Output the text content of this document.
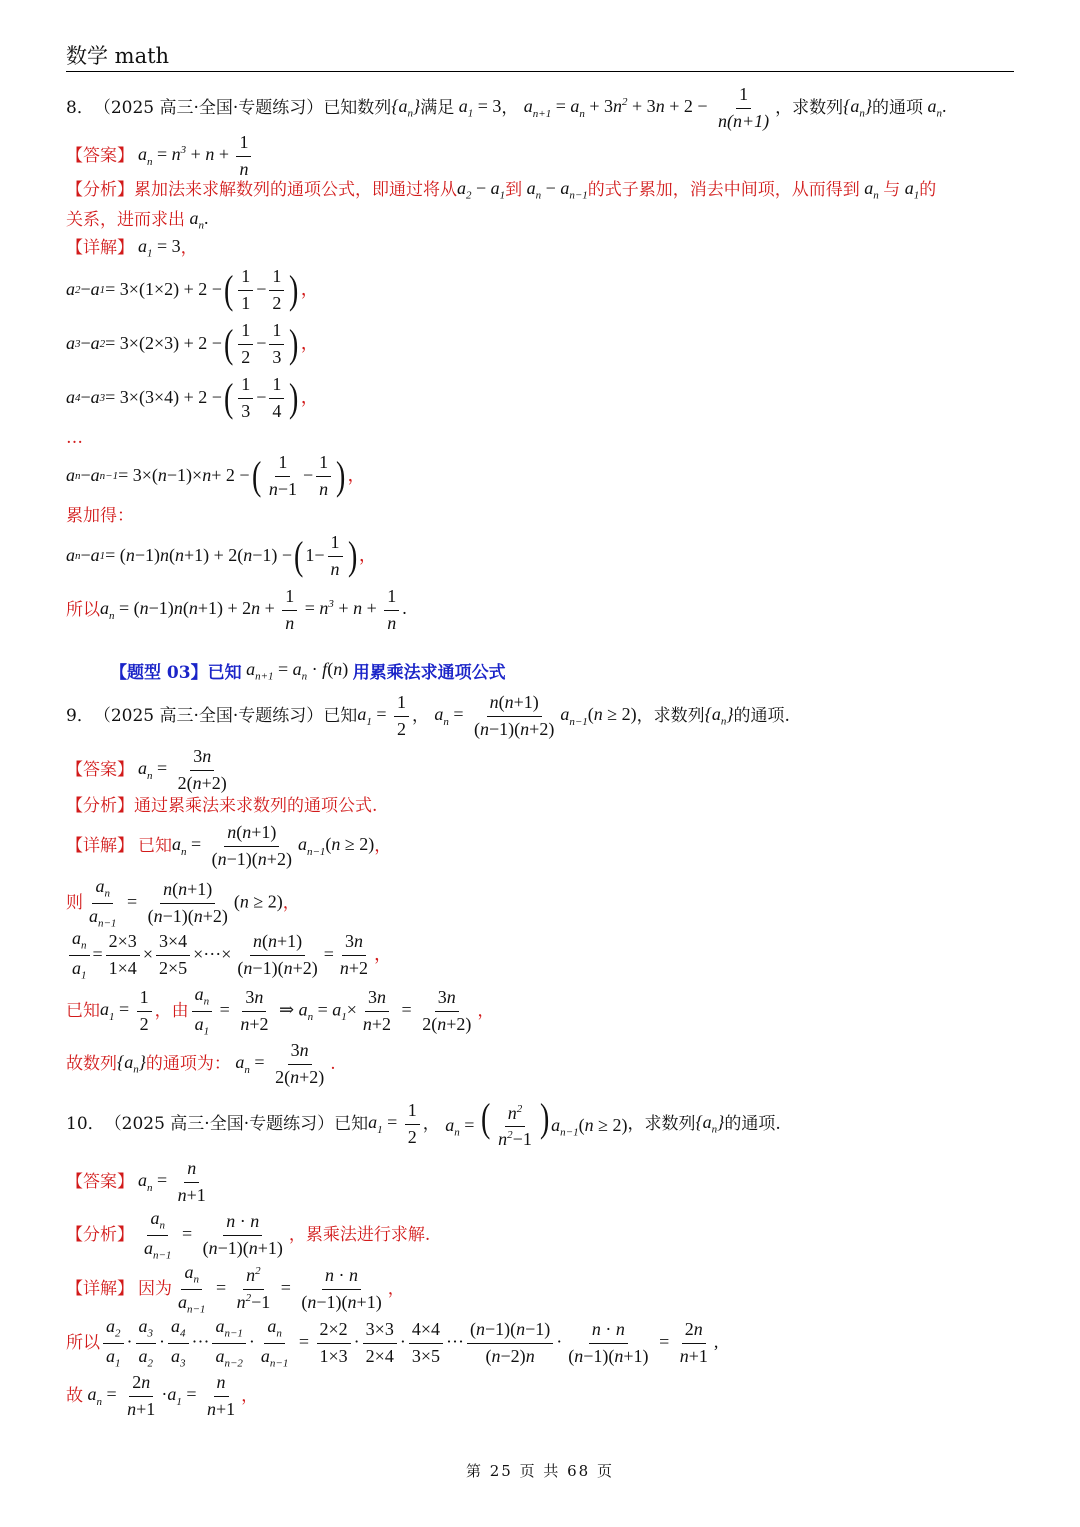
数学 math
8． （2025 高三·全国·专题练习） 已知数列 $\{a_n\}$ 满足 $a_1 = 3$ ， $a_{n+1} = a_n + 3n^2 + 3n + 2 - \frac{1}{n(n+1)}$ ，求数列 $\{a_n\}$ 的通项 $a_n$.
【答案】 $a_n = n^3 + n + \frac{1}{n}$
【分析】 累加法来求解数列的通项公式，即通过将从 $a_2 - a_1$ 到 $a_n - a_{n-1}$ 的式子累加，消去中间项，从而得到 $a_n$ 与 $a_1$ 的
关系，进而求出 $a_n$.
【详解】 $a_1 = 3$ ，
a 2 − a 1 = 3×(1×2) + 2 − ( $\frac{1}{1} - \frac{1}{2}$ ) ，
a 3 − a 2 = 3×(2×3) + 2 − ( $\frac{1}{2} - \frac{1}{3}$ ) ，
a 4 − a 3 = 3×(3×4) + 2 − ( $\frac{1}{3} - \frac{1}{4}$ ) ，
…
a n − a n−1 = 3×( n −1)× n + 2 − ( $\frac{1}{n-1} - \frac{1}{n}$ ) ，
累加得：
a n − a 1 = ( n −1) n ( n +1) + 2( n −1) − ( $1- \frac{1}{n}$ ) ，
所以 $a_n = (n-1)n(n+1) + 2n + \frac{1}{n} = n^3 + n + \frac{1}{n}$ .
【题型 03】已知 $a_{n+1} = a_n \cdot f(n)$ 用累乘法求通项公式
9． （2025 高三·全国·专题练习） 已知 $a_1 = \frac{1}{2}$ ， $a_n = \frac{n(n+1)}{(n-1)(n+2)} a_{n-1}(n \ge 2)$ ，求数列 $\{a_n\}$ 的通项.
【答案】 $a_n = \frac{3n}{2(n+2)}$
【分析】 通过累乘法来求数列的通项公式.
【详解】 已知 $a_n = \frac{n(n+1)}{(n-1)(n+2)} a_{n-1}(n \ge 2)$ ，
则 $\frac{a_n}{a_{n-1}} = \frac{n(n+1)}{(n-1)(n+2)} (n \ge 2)$ ，
$\frac{a_n}{a_1} = \frac{2\times 3}{1\times 4} \times \frac{3\times 4}{2\times 5}$ ×···× $\frac{n(n+1)}{(n-1)(n+2)} = \frac{3n}{n+2}$ ，
已知 $a_1 = \frac{1}{2}$ ，由 $\frac{a_n}{a_1} = \frac{3n}{n+2}$ ⇒ $a_n = a_1\times \frac{3n}{n+2} = \frac{3n}{2(n+2)}$ ，
故数列 $\{a_n\}$ 的通项为： $a_n = \frac{3n}{2(n+2)}$ .
10． （2025 高三·全国·专题练习） 已知 $a_1 = \frac{1}{2}$ ， $a_n$ = ( $\frac{n^2}{n^2-1}$ ) $a_{n-1}(n \ge 2)$ ，求数列 $\{a_n\}$ 的通项.
【答案】 $a_n = \frac{n}{n+1}$
【分析】 $\frac{a_n}{a_{n-1}} = \frac{n \cdot n}{(n-1)(n+1)}$ ，累乘法进行求解.
【详解】 因为 $\frac{a_n}{a_{n-1}} = \frac{n^2}{n^2-1} = \frac{n \cdot n}{(n-1)(n+1)}$ ，
所以 $\frac{a_2}{a_1} \cdot \frac{a_3}{a_2} \cdot \frac{a_4}{a_3}$ ··· $\frac{a_{n-1}}{a_{n-2}} \cdot \frac{a_n}{a_{n-1}} = \frac{2\times 2}{1\times 3} \cdot \frac{3\times 3}{2\times 4} \cdot \frac{4\times 4}{3\times 5}$ ··· $\frac{(n-1)(n-1)}{(n-2)n} \cdot \frac{n \cdot n}{(n-1)(n+1)} = \frac{2n}{n+1}$ ,
故 $a_n = \frac{2n}{n+1} \cdot a_1 = \frac{n}{n+1}$ ，
第 25 页 共 68 页
